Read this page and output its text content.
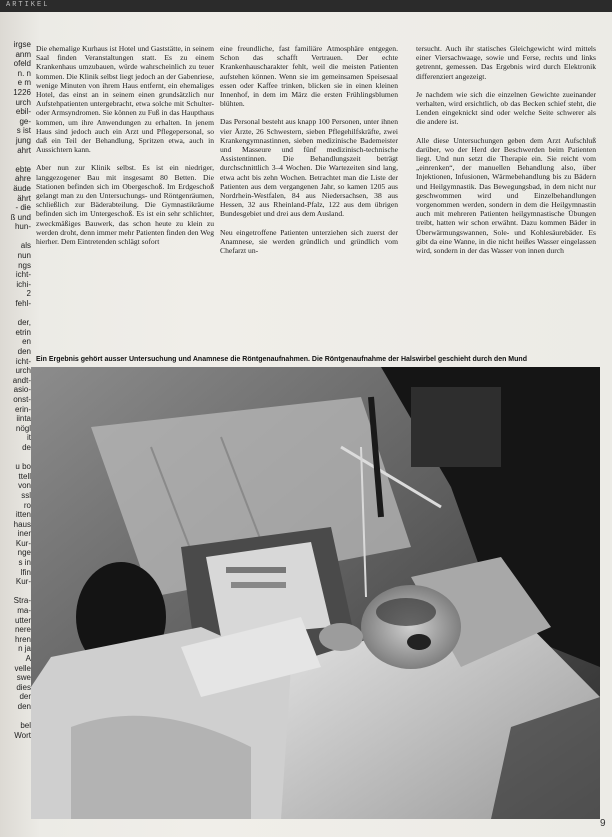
ARTIKEL
irgse
anm
ofeld
n. n
e m
1226
urch
ebil-
ge-
s ist
jung
ahrt

ebte
ahre
äude
ährt
- die
ß und
hun-

als
nun
ngs
icht-
ichi-
2
fehl-

der,
etrin
en
den
icht-
urch
andt-
asio-
onst-
erin-
iinta
nögl
it
de

u bo
ttell
von
ssl
ro
itten
haus
iner
Kur-
nge
s in
lfin
Kur-

Stra-
ma-
utter
nere
hren
n ja
A
velle
swe
dies
der
den

bel
Wort

Die ehemalige Kurhaus ist Hotel und Gaststätte, in seinem Saal finden Veranstaltungen statt. Es zu einem Krankenhaus umzubauen, würde wahrscheinlich zu teuer kommen. Die Klinik selbst liegt jedoch an der Gabenriese, wenige Minuten von ihrem Haus entfernt, ein ehemaliges Hotel, das einst an in seinem einen grundsätzlich nur Aufstehpatienten untergebracht, etwa solche mit Schulter- oder Armsyndromen. Sie können zu Fuß in das Haupthaus kommen, um ihre Anwendungen zu erhalten. In jenem Haus sind jedoch auch ein Arzt und Pflegepersonal, so daß ein Teil der Behandlung, Spritzen etwa, auch in Aussichtern kann.

Aber nun zur Klinik selbst. Es ist ein niedriger, langgezogener Bau mit insgesamt 80 Betten. Die Stationen befinden sich im Obergeschoß. Im Erdgeschoß gelangt man zu den Untersuchungs- und Röntgenräumen, schließlich zur Bäderabteilung. Die Gymnastikräume befinden sich im Untergeschoß. Es ist ein sehr schlichter, zweckmäßiges Bauwerk, das schon heute zu klein zu werden droht, denn immer mehr Patienten finden den Weg hierher. Dem Eintretenden schlägt sofort

eine freundliche, fast familiäre Atmosphäre entgegen. Schon das schafft Vertrauen. Der echte Krankenhauscharakter fehlt, weil die meisten Patienten aufstehen können. Wenn sie im gemeinsamen Speisesaal essen oder Kaffee trinken, blicken sie in einen kleinen Innenhof, in dem im März die ersten Frühlingsblumen blühten.

Das Personal besteht aus knapp 100 Personen, unter ihnen vier Ärzte, 26 Schwestern, sieben Pflegehilfskräfte, zwei Krankengymnastinnen, sieben medizinische Bademeister und Masseure und fünf medizinisch-technische Assistentinnen. Die Behandlungszeit beträgt durchschnittlich 3–4 Wochen. Die Wartezeiten sind lang, etwa acht bis zehn Wochen. Betrachtet man die Liste der Patienten aus dem vergangenen Jahr, so kamen 1205 aus Nordrhein-Westfalen, 84 aus Niedersachsen, 38 aus Hessen, 32 aus Rheinland-Pfalz, 122 aus dem übrigen Bundesgebiet und drei aus dem Ausland.

Neu eingetroffene Patienten unterziehen sich zuerst der Anamnese, sie werden gründlich und gründlich vom Chefarzt un-

tersucht. Auch ihr statisches Gleichgewicht wird mittels einer Viersachwaage, sowie und Ferse, rechts und links getrennt, gemessen. Das Ergebnis wird durch Elektronik differenziert angezeigt.

Je nachdem wie sich die einzelnen Gewichte zueinander verhalten, wird ersichtlich, ob das Becken schief steht, die Lenden eingeknickt sind oder welche Seite schwerer als die andere ist.

Alle diese Untersuchungen geben dem Arzt Aufschluß darüber, wo der Herd der Beschwerden beim Patienten liegt. Und nun setzt die Therapie ein. Sie reicht vom „einrenken“, der manuellen Behandlung also, über Injektionen, Infusionen, Wärmebehandlung bis zu Bädern und Heilgymnastik. Das Bewegungsbad, in dem nicht nur geschwommen wird und Einzelbehandlungen vorgenommen werden, sondern in dem die Heilgymnastin auch mit mehreren Patienten heilgymnastische Übungen treibt, hatten wir schon erwähnt. Dazu kommen Bäder in Überwärmungswannen, Sole- und Kohlesäurebäder. Es gibt da eine Wanne, in die nicht heißes Wasser eingelassen wird, sondern in der das Wasser von innen durch

Ein Ergebnis gehört ausser Untersuchung und Anamnese die Röntgenaufnahmen. Die Röntgenaufnahme der Halswirbel geschieht durch den Mund
9
